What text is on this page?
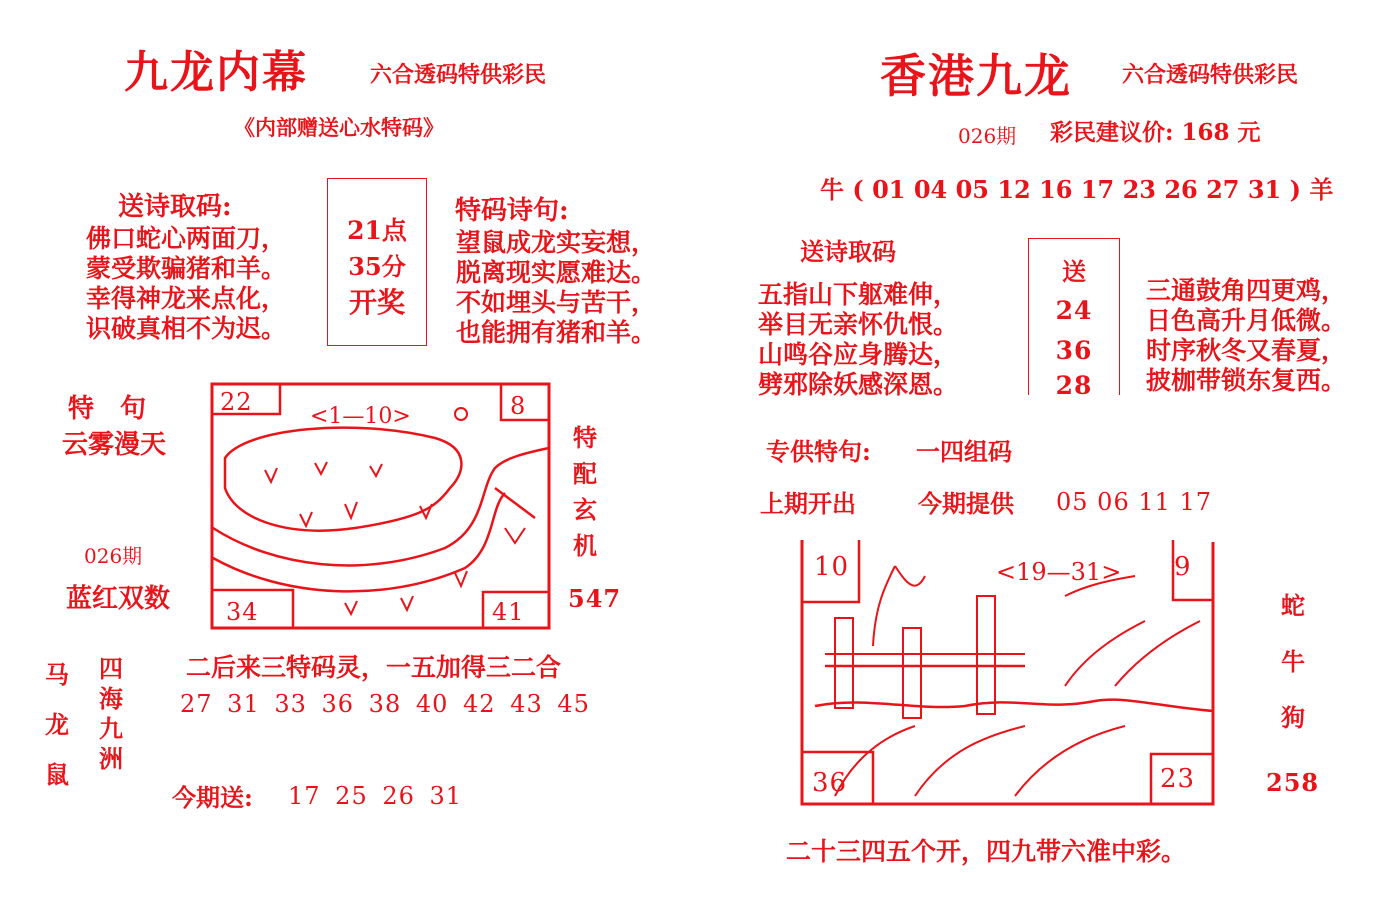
九龙内幕	六合透码特供彩民
《内部赠送心水特码》
送诗取码:
佛口蛇心两面刀，
蒙受欺骗猪和羊。
幸得神龙来点化，
识破真相不为迟。
21点
35分
开奖
特码诗句:
望鼠成龙实妄想，
脱离现实愿难达。
不如埋头与苦干，
也能拥有猪和羊。
特　句
云雾漫天
026期
蓝红双数
22	8
34	41
<1—10>
特
配
玄
机
547
二后来三特码灵，一五加得三二合
马
龙
鼠
四
海
九
洲
27 31 33 36 38 40 42 43 45
今期送: 17 25 26 31
香港九龙 六合透码特供彩民
026期 彩民建议价: 168 元
牛 ( 01 04 05 12 16 17 23 26 27 31 ) 羊
送诗取码
五指山下躯难伸，
举目无亲怀仇恨。
山鸣谷应身腾达，
劈邪除妖感深恩。
送
24
36
28
三通鼓角四更鸡，
日色高升月低微。
时序秋冬又春夏，
披枷带锁东复西。
专供特句: 一四组码
上期开出	今期提供 05 06 11 17
10	9
36	23
<19—31>
蛇
牛
狗
258
二十三四五个开，四九带六准中彩。
